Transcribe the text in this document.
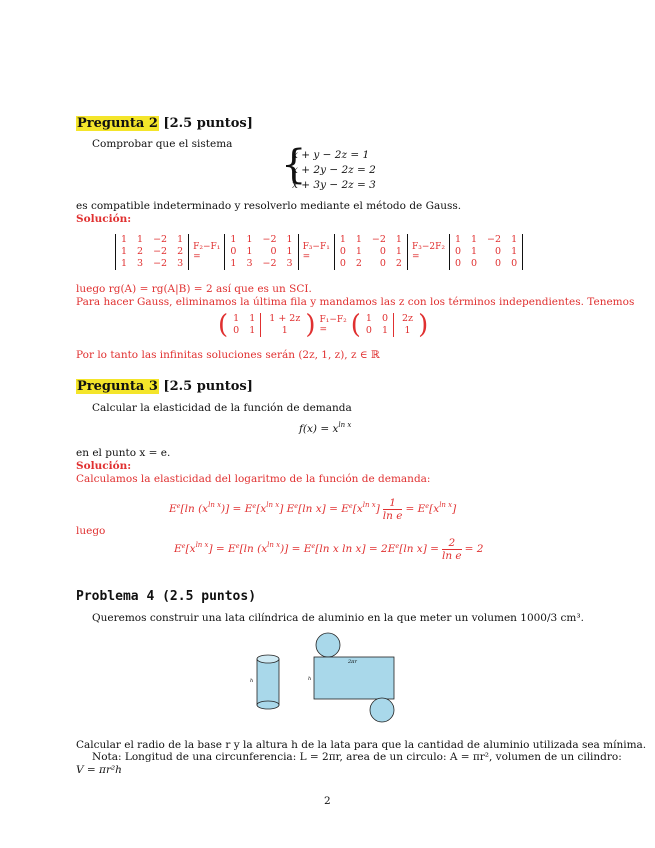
Pregunta 2 [2.5 puntos]
Comprobar que el sistema {
x + y − 2z = 1
x + 2y − 2z = 2
x + 3y − 2z = 3
es compatible indeterminado y resolverlo mediante el método de Gauss.
Solución:
1	1	−2	1
1	2	−2	2
1	3	−2	3
F₂−F₁
=
1	1	−2	1
0	1	0	1
1	3	−2	3
F₃−F₁
=
1	1	−2	1
0	1	0	1
0	2	0	2
F₃−2F₂
=
1	1	−2	1
0	1	0	1
0	0	0	0
luego rg(A) = rg(A|B) = 2 así que es un SCI.
Para hacer Gauss, eliminamos la última fila y mandamos las z con los términos independientes. Tenemos
( 1	1	1 + 2z
0	1	1 ) F₁−F₂
= ( 1	0	2z
0	1	1 )
Por lo tanto las infinitas soluciones serán (2z, 1, z), z ∈ ℝ
Pregunta 3 [2.5 puntos]
Calcular la elasticidad de la función de demanda
$f(x) = x^{ln x}$
en el punto x = e.
Solución:
Calculamos la elasticidad del logaritmo de la función de demanda:
E e [ln (x ln x )] = E e [x ln x ] E e [ln x] = E e [x ln x ] $\frac{1}{\text{ln e}} = E$ e [x ln x ]
luego
E e [x ln x ] = E e [ln (x ln x )] = E e [ln x ln x] = 2E e [ln $x] = \frac{2}{\text{ln e}} = 2$
Problema 4 (2.5 puntos)
Queremos construir una lata cilíndrica de aluminio en la que meter un volumen 1000/3 cm³.
h
2πr
h
Calcular el radio de la base r y la altura h de la lata para que la cantidad de aluminio utilizada sea mínima.
Nota: Longitud de una circunferencia: L = 2πr, area de un circulo: A = πr², volumen de un cilindro:
V = πr²h
2
